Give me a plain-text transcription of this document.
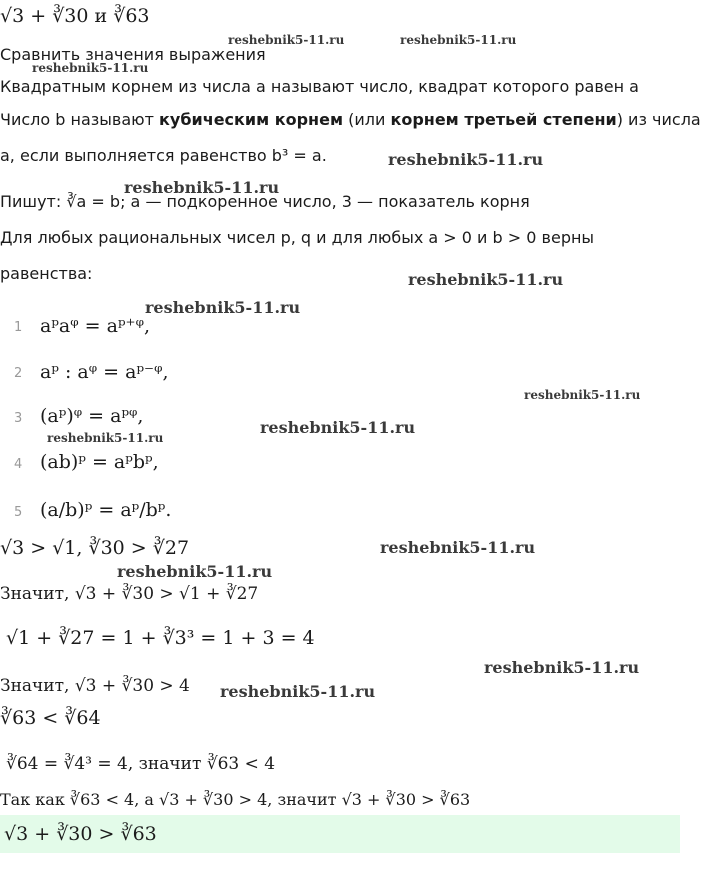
√3 + ∛30 и ∛63
reshebnik5-11.ru	reshebnik5-11.ru
reshebnik5-11.ru
reshebnik5-11.ru
reshebnik5-11.ru
reshebnik5-11.ru
reshebnik5-11.ru
reshebnik5-11.ru
reshebnik5-11.ru
reshebnik5-11.ru
reshebnik5-11.ru
reshebnik5-11.ru
reshebnik5-11.ru
reshebnik5-11.ru
Сравнить значения выражения
Квадратным корнем из числа a называют число, квадрат которого равен a
Число b называют кубическим корнем (или корнем третьей степени) из числа
a, если выполняется равенство b³ = a.
Пишут: ∛a = b; a — подкоренное число, 3 — показатель корня
Для любых рациональных чисел p, q и для любых a > 0 и b > 0 верны
равенства:
1 aᵖaᵠ = aᵖ⁺ᵠ,
2 aᵖ : aᵠ = aᵖ⁻ᵠ,
3 (aᵖ)ᵠ = aᵖᵠ,
4 (ab)ᵖ = aᵖbᵖ,
5 (a/b)ᵖ = aᵖ/bᵖ.
√3 > √1, ∛30 > ∛27
Значит, √3 + ∛30 > √1 + ∛27
√1 + ∛27 = 1 + ∛3³ = 1 + 3 = 4
Значит, √3 + ∛30 > 4
∛63 < ∛64
∛64 = ∛4³ = 4, значит ∛63 < 4
Так как ∛63 < 4, а √3 + ∛30 > 4, значит √3 + ∛30 > ∛63
√3 + ∛30 > ∛63
